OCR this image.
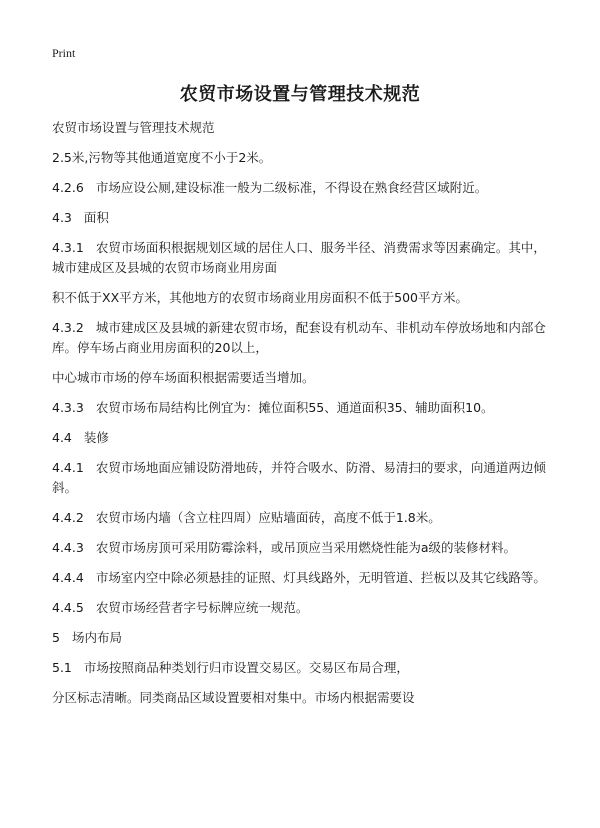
Print
农贸市场设置与管理技术规范

农贸市场设置与管理技术规范

2.5米,污物等其他通道宽度不小于2米。

4.2.6 市场应设公厕,建设标准一般为二级标准，不得设在熟食经营区域附近。

4.3 面积

4.3.1 农贸市场面积根据规划区域的居住人口、服务半径、消费需求等因素确定。其中，城市建成区及县城的农贸市场商业用房面

积不低于XX平方米，其他地方的农贸市场商业用房面积不低于500平方米。

4.3.2 城市建成区及县城的新建农贸市场，配套设有机动车、非机动车停放场地和内部仓库。停车场占商业用房面积的20以上，

中心城市市场的停车场面积根据需要适当增加。

4.3.3 农贸市场布局结构比例宜为：摊位面积55、通道面积35、辅助面积10。

4.4 装修

4.4.1 农贸市场地面应铺设防滑地砖，并符合吸水、防滑、易清扫的要求，向通道两边倾斜。

4.4.2 农贸市场内墙（含立柱四周）应贴墙面砖，高度不低于1.8米。

4.4.3 农贸市场房顶可采用防霉涂料，或吊顶应当采用燃烧性能为a级的装修材料。

4.4.4 市场室内空中除必须悬挂的证照、灯具线路外，无明管道、拦板以及其它线路等。

4.4.5 农贸市场经营者字号标牌应统一规范。

5 场内布局

5.1 市场按照商品种类划行归市设置交易区。交易区布局合理，

分区标志清晰。同类商品区域设置要相对集中。市场内根据需要设
